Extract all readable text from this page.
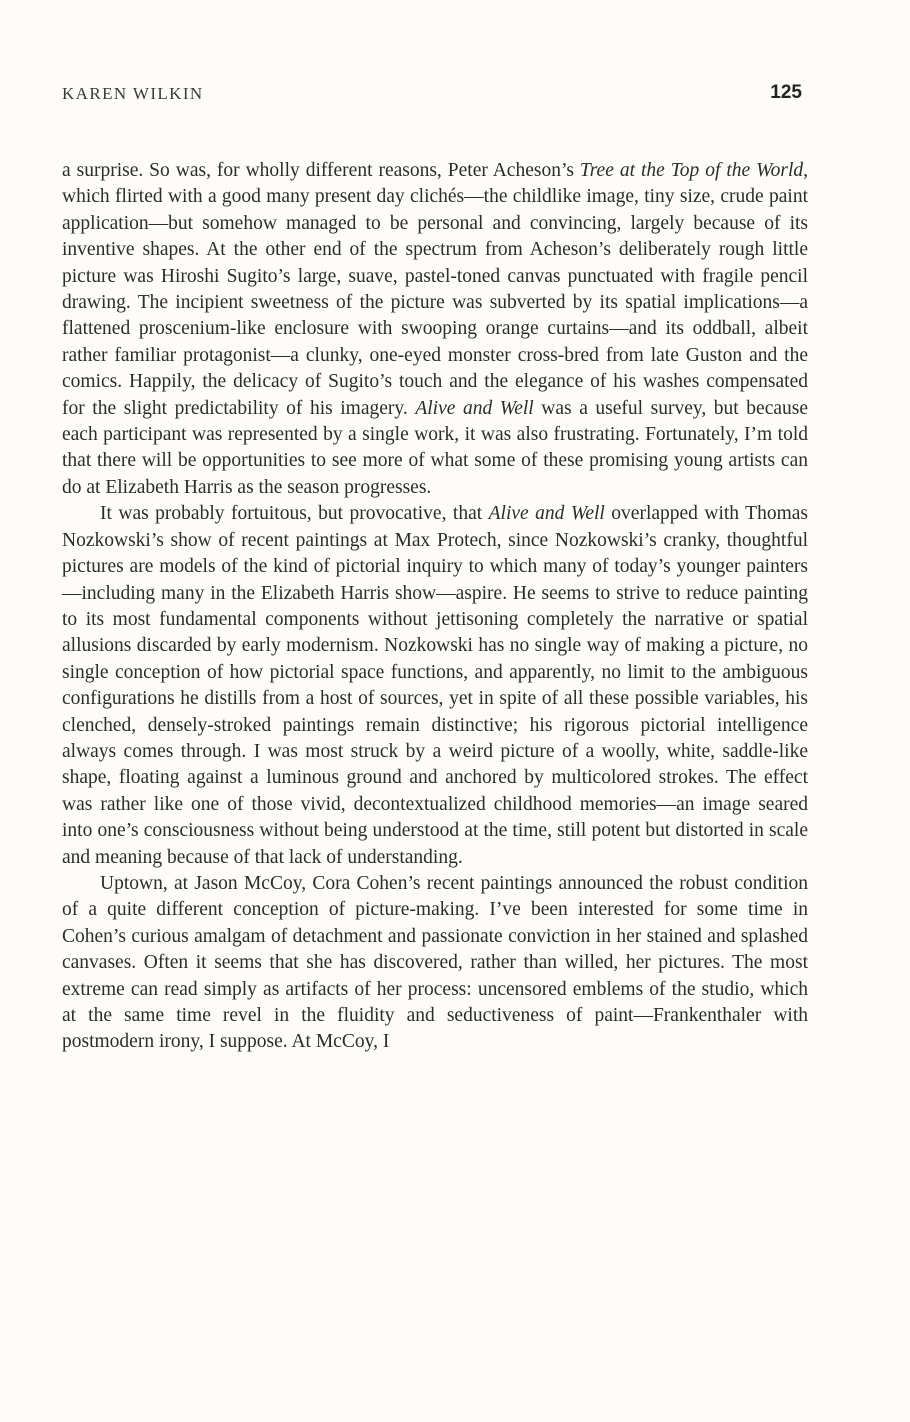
KAREN WILKIN	125

a surprise. So was, for wholly different reasons, Peter Acheson’s Tree at the Top of the World, which flirted with a good many present day clichés—the childlike image, tiny size, crude paint application—but somehow managed to be personal and convincing, largely because of its inventive shapes. At the other end of the spectrum from Acheson’s deliberately rough little picture was Hiroshi Sugito’s large, suave, pastel-toned canvas punctuated with fragile pencil drawing. The incipient sweetness of the picture was subverted by its spatial implications—a flattened proscenium-like enclosure with swooping orange curtains—and its oddball, albeit rather familiar protagonist—a clunky, one-eyed monster cross-bred from late Guston and the comics. Happily, the delicacy of Sugito’s touch and the elegance of his washes compensated for the slight predictability of his imagery. Alive and Well was a useful survey, but because each participant was represented by a single work, it was also frustrating. Fortunately, I’m told that there will be opportunities to see more of what some of these promising young artists can do at Elizabeth Harris as the season progresses.

It was probably fortuitous, but provocative, that Alive and Well overlapped with Thomas Nozkowski’s show of recent paintings at Max Protech, since Nozkowski’s cranky, thoughtful pictures are models of the kind of pictorial inquiry to which many of today’s younger painters—including many in the Elizabeth Harris show—aspire. He seems to strive to reduce painting to its most fundamental components without jettisoning completely the narrative or spatial allusions discarded by early modernism. Nozkowski has no single way of making a picture, no single conception of how pictorial space functions, and apparently, no limit to the ambiguous configurations he distills from a host of sources, yet in spite of all these possible variables, his clenched, densely-stroked paintings remain distinctive; his rigorous pictorial intelligence always comes through. I was most struck by a weird picture of a woolly, white, saddle-like shape, floating against a luminous ground and anchored by multicolored strokes. The effect was rather like one of those vivid, decontextualized childhood memories—an image seared into one’s consciousness without being understood at the time, still potent but distorted in scale and meaning because of that lack of understanding.

Uptown, at Jason McCoy, Cora Cohen’s recent paintings announced the robust condition of a quite different conception of picture-making. I’ve been interested for some time in Cohen’s curious amalgam of detachment and passionate conviction in her stained and splashed canvases. Often it seems that she has discovered, rather than willed, her pictures. The most extreme can read simply as artifacts of her process: uncensored emblems of the studio, which at the same time revel in the fluidity and seductiveness of paint—Frankenthaler with postmodern irony, I suppose. At McCoy, I
